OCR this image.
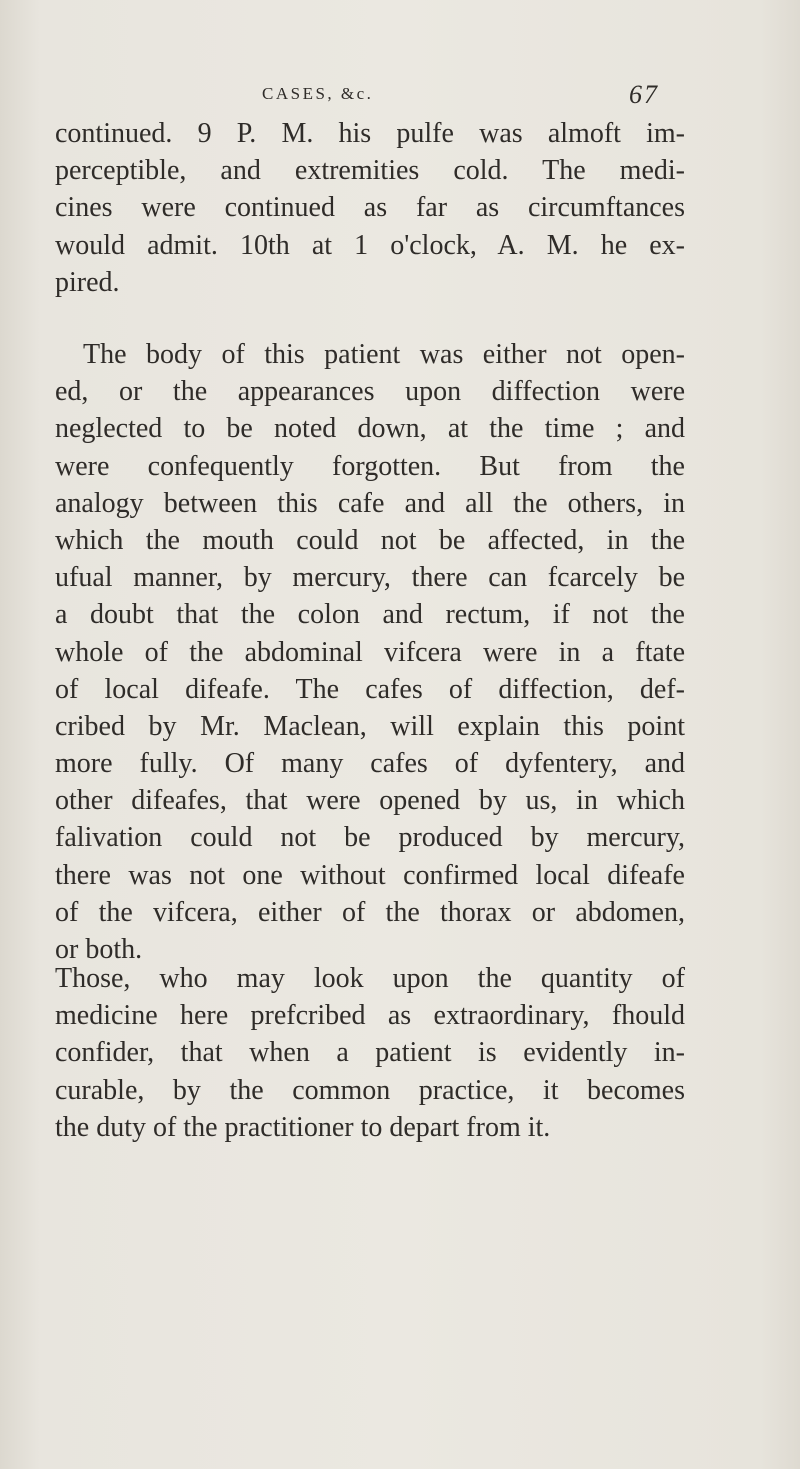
CASES, &c.	67
continued. 9 P. M. his pulfe was almoft im-
perceptible, and extremities cold. The medi-
cines were continued as far as circumftances
would admit. 10th at 1 o'clock, A. M. he ex-
pired.
The body of this patient was either not open-
ed, or the appearances upon diffection were
neglected to be noted down, at the time ; and
were confequently forgotten. But from the
analogy between this cafe and all the others, in
which the mouth could not be affected, in the
ufual manner, by mercury, there can fcarcely be
a doubt that the colon and rectum, if not the
whole of the abdominal vifcera were in a ftate
of local difeafe. The cafes of diffection, def-
cribed by Mr. Maclean, will explain this point
more fully. Of many cafes of dyfentery, and
other difeafes, that were opened by us, in which
falivation could not be produced by mercury,
there was not one without confirmed local difeafe
of the vifcera, either of the thorax or abdomen,
or both.
Those, who may look upon the quantity of
medicine here prefcribed as extraordinary, fhould
confider, that when a patient is evidently in-
curable, by the common practice, it becomes
the duty of the practitioner to depart from it.
